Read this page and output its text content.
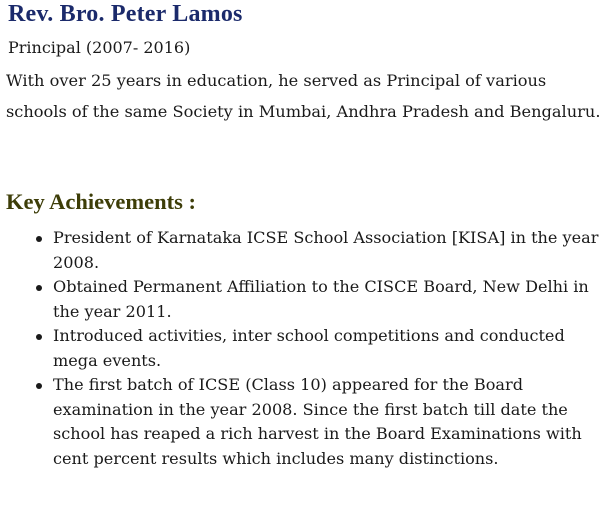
Rev. Bro. Peter Lamos

Principal (2007- 2016)

With over 25 years in education, he served as Principal of various schools of the same Society in Mumbai, Andhra Pradesh and Bengaluru.

Key Achievements :
President of Karnataka ICSE School Association [KISA] in the year 2008.
Obtained Permanent Affiliation to the CISCE Board, New Delhi in the year 2011.
Introduced activities, inter school competitions and conducted mega events.
The first batch of ICSE (Class 10) appeared for the Board examination in the year 2008. Since the first batch till date the school has reaped a rich harvest in the Board Examinations with cent percent results which includes many distinctions.
